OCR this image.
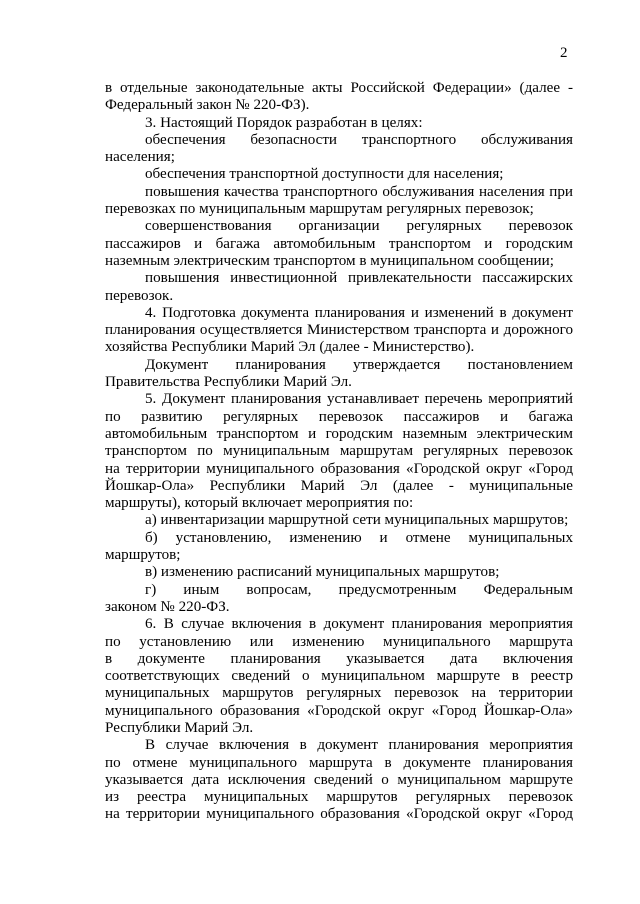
2
в отдельные законодательные акты Российской Федерации» (далее -
Федеральный закон № 220-ФЗ).
3. Настоящий Порядок разработан в целях:
обеспечения безопасности транспортного обслуживания
населения;
обеспечения транспортной доступности для населения;
повышения качества транспортного обслуживания населения при
перевозках по муниципальным маршрутам регулярных перевозок;
совершенствования организации регулярных перевозок
пассажиров и багажа автомобильным транспортом и городским
наземным электрическим транспортом в муниципальном сообщении;
повышения инвестиционной привлекательности пассажирских
перевозок.
4. Подготовка документа планирования и изменений в документ
планирования осуществляется Министерством транспорта и дорожного
хозяйства Республики Марий Эл (далее - Министерство).
Документ планирования утверждается постановлением
Правительства Республики Марий Эл.
5. Документ планирования устанавливает перечень мероприятий
по развитию регулярных перевозок пассажиров и багажа
автомобильным транспортом и городским наземным электрическим
транспортом по муниципальным маршрутам регулярных перевозок
на территории муниципального образования «Городской округ «Город
Йошкар-Ола» Республики Марий Эл (далее - муниципальные
маршруты), который включает мероприятия по:
а) инвентаризации маршрутной сети муниципальных маршрутов;
б) установлению, изменению и отмене муниципальных
маршрутов;
в) изменению расписаний муниципальных маршрутов;
г) иным вопросам, предусмотренным Федеральным
законом № 220-ФЗ.
6. В случае включения в документ планирования мероприятия
по установлению или изменению муниципального маршрута
в документе планирования указывается дата включения
соответствующих сведений о муниципальном маршруте в реестр
муниципальных маршрутов регулярных перевозок на территории
муниципального образования «Городской округ «Город Йошкар-Ола»
Республики Марий Эл.
В случае включения в документ планирования мероприятия
по отмене муниципального маршрута в документе планирования
указывается дата исключения сведений о муниципальном маршруте
из реестра муниципальных маршрутов регулярных перевозок
на территории муниципального образования «Городской округ «Город
